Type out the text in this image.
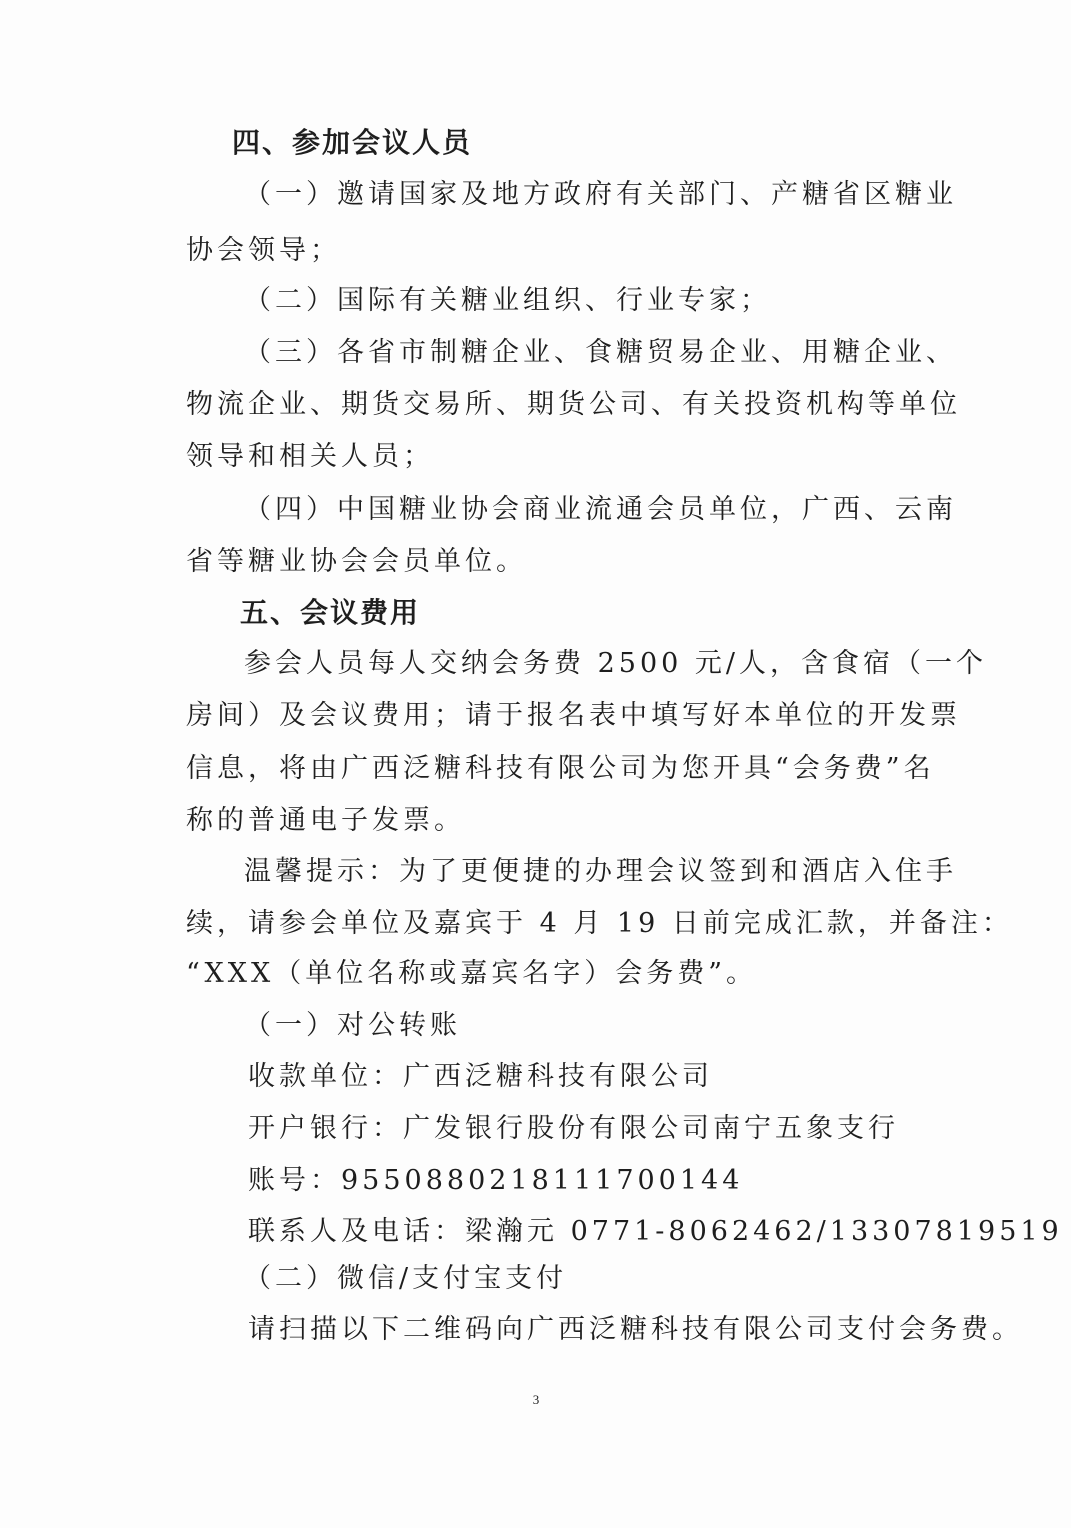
四、参加会议人员
（一）邀请国家及地方政府有关部门、产糖省区糖业
协会领导；
（二）国际有关糖业组织、行业专家；
（三）各省市制糖企业、食糖贸易企业、用糖企业、
物流企业、期货交易所、期货公司、有关投资机构等单位
领导和相关人员；
（四）中国糖业协会商业流通会员单位，广西、云南
省等糖业协会会员单位。
五、会议费用
参会人员每人交纳会务费 2500 元/人，含食宿（一个
房间）及会议费用；请于报名表中填写好本单位的开发票
信息，将由广西泛糖科技有限公司为您开具“会务费”名
称的普通电子发票。
温馨提示：为了更便捷的办理会议签到和酒店入住手
续，请参会单位及嘉宾于 4 月 19 日前完成汇款，并备注：
“XXX（单位名称或嘉宾名字）会务费”。
（一）对公转账
收款单位：广西泛糖科技有限公司
开户银行：广发银行股份有限公司南宁五象支行
账号：9550880218111700144
联系人及电话：梁瀚元 0771-8062462/13307819519
（二）微信/支付宝支付
请扫描以下二维码向广西泛糖科技有限公司支付会务费。
3
